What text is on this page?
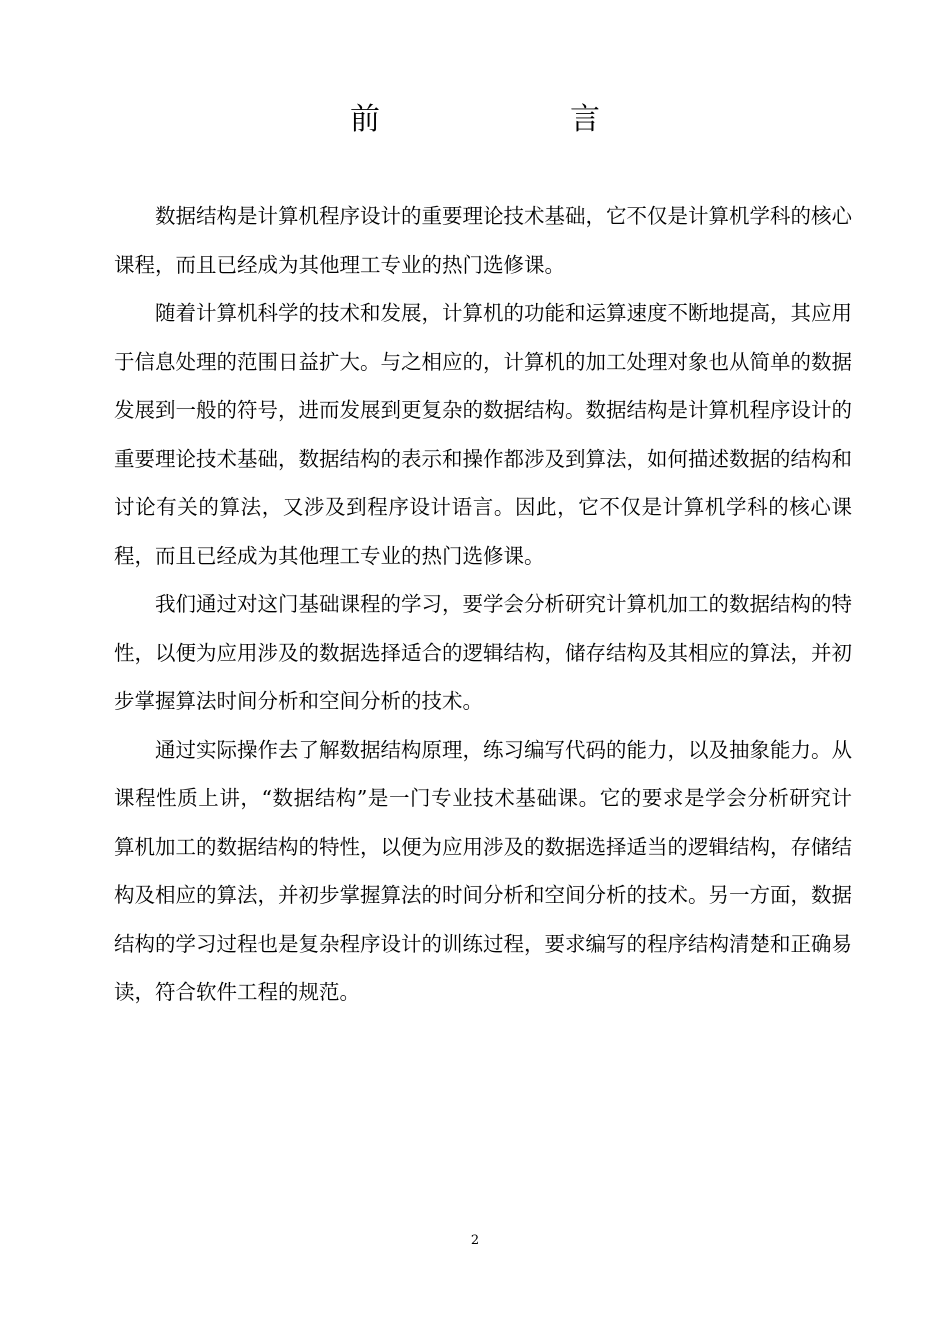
前　言

数据结构是计算机程序设计的重要理论技术基础，它不仅是计算机学科的核心课程，而且已经成为其他理工专业的热门选修课。

随着计算机科学的技术和发展，计算机的功能和运算速度不断地提高，其应用于信息处理的范围日益扩大。与之相应的，计算机的加工处理对象也从简单的数据发展到一般的符号，进而发展到更复杂的数据结构。数据结构是计算机程序设计的重要理论技术基础，数据结构的表示和操作都涉及到算法，如何描述数据的结构和讨论有关的算法，又涉及到程序设计语言。因此，它不仅是计算机学科的核心课程，而且已经成为其他理工专业的热门选修课。

我们通过对这门基础课程的学习，要学会分析研究计算机加工的数据结构的特性，以便为应用涉及的数据选择适合的逻辑结构，储存结构及其相应的算法，并初步掌握算法时间分析和空间分析的技术。

通过实际操作去了解数据结构原理，练习编写代码的能力，以及抽象能力。从课程性质上讲，“数据结构”是一门专业技术基础课。它的要求是学会分析研究计算机加工的数据结构的特性，以便为应用涉及的数据选择适当的逻辑结构，存储结构及相应的算法，并初步掌握算法的时间分析和空间分析的技术。另一方面，数据结构的学习过程也是复杂程序设计的训练过程，要求编写的程序结构清楚和正确易读，符合软件工程的规范。

2
